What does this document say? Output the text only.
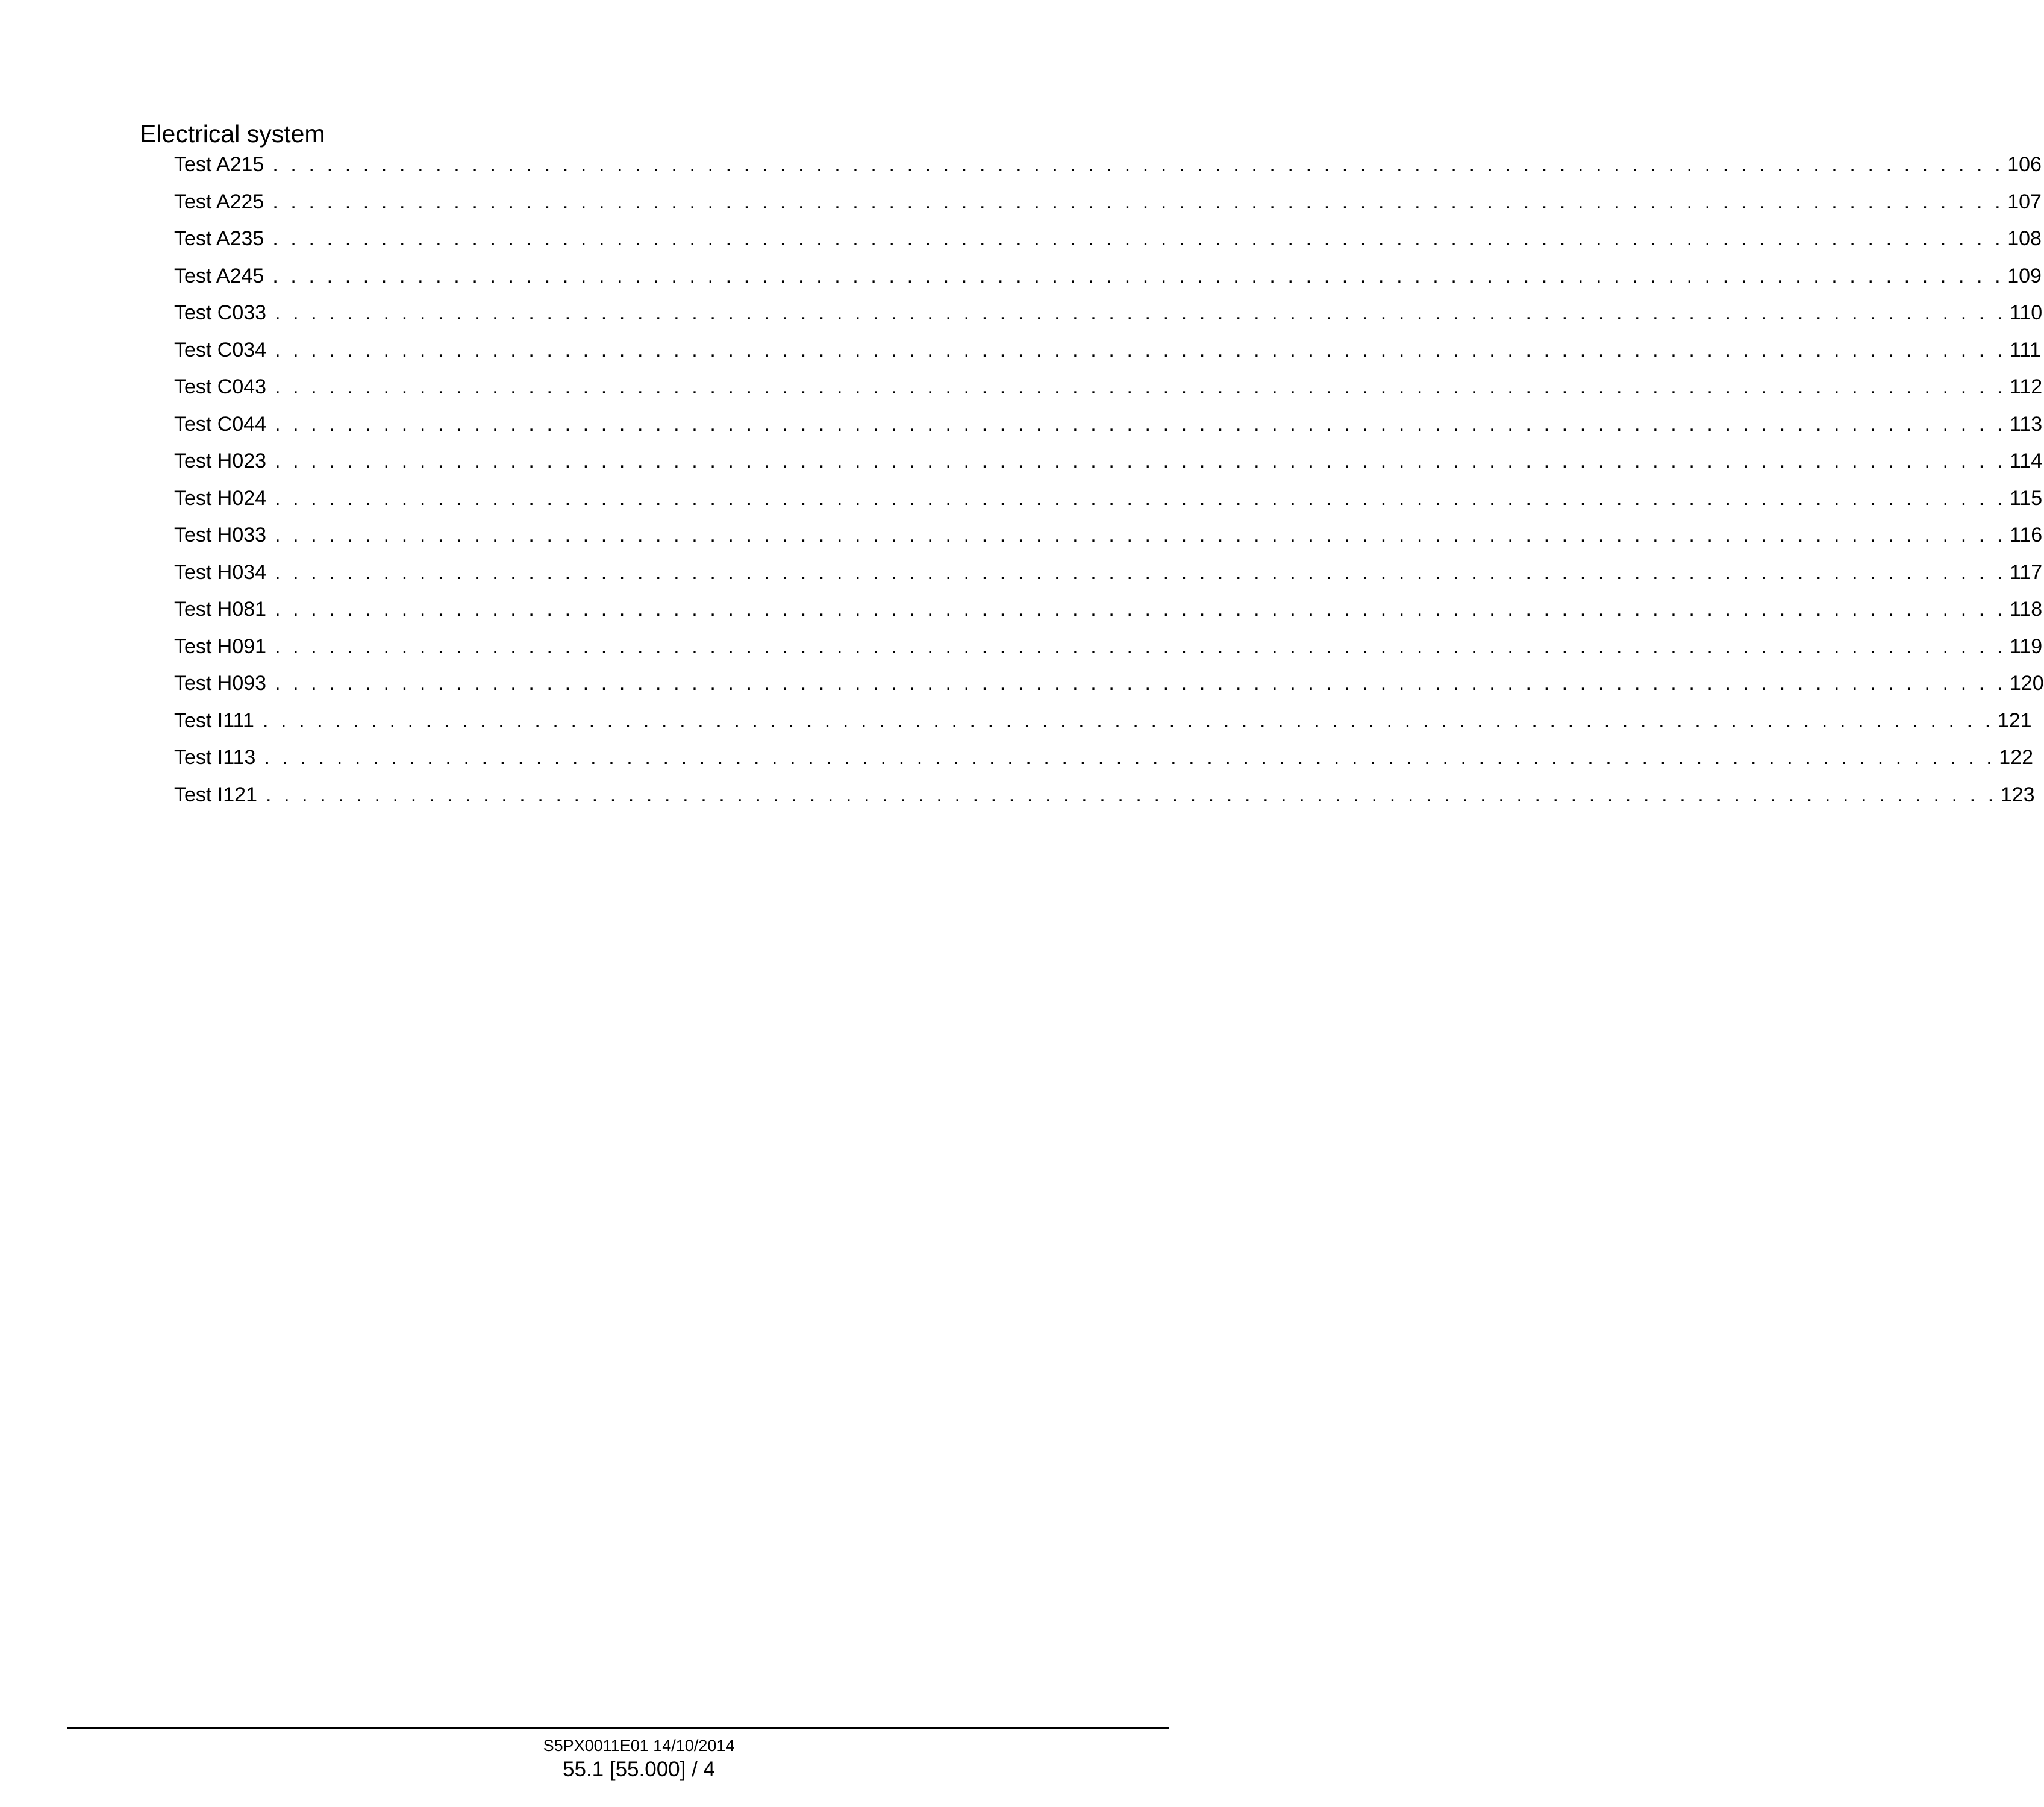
Electrical system
Test A215 . . . . . . . . . . . . . . . . . . . . . . . . . . . . . . . . . . . . . . . . . . . . . . . . . . . . . . . . . . . . . . . . . . . . . . . . . . . . . . . . . . . . . . . . . . . . . . . . 106
Test A225 . . . . . . . . . . . . . . . . . . . . . . . . . . . . . . . . . . . . . . . . . . . . . . . . . . . . . . . . . . . . . . . . . . . . . . . . . . . . . . . . . . . . . . . . . . . . . . . . 107
Test A235 . . . . . . . . . . . . . . . . . . . . . . . . . . . . . . . . . . . . . . . . . . . . . . . . . . . . . . . . . . . . . . . . . . . . . . . . . . . . . . . . . . . . . . . . . . . . . . . . 108
Test A245 . . . . . . . . . . . . . . . . . . . . . . . . . . . . . . . . . . . . . . . . . . . . . . . . . . . . . . . . . . . . . . . . . . . . . . . . . . . . . . . . . . . . . . . . . . . . . . . . 109
Test C033 . . . . . . . . . . . . . . . . . . . . . . . . . . . . . . . . . . . . . . . . . . . . . . . . . . . . . . . . . . . . . . . . . . . . . . . . . . . . . . . . . . . . . . . . . . . . . . . . 110
Test C034 . . . . . . . . . . . . . . . . . . . . . . . . . . . . . . . . . . . . . . . . . . . . . . . . . . . . . . . . . . . . . . . . . . . . . . . . . . . . . . . . . . . . . . . . . . . . . . . . 111
Test C043 . . . . . . . . . . . . . . . . . . . . . . . . . . . . . . . . . . . . . . . . . . . . . . . . . . . . . . . . . . . . . . . . . . . . . . . . . . . . . . . . . . . . . . . . . . . . . . . . 112
Test C044 . . . . . . . . . . . . . . . . . . . . . . . . . . . . . . . . . . . . . . . . . . . . . . . . . . . . . . . . . . . . . . . . . . . . . . . . . . . . . . . . . . . . . . . . . . . . . . . . 113
Test H023 . . . . . . . . . . . . . . . . . . . . . . . . . . . . . . . . . . . . . . . . . . . . . . . . . . . . . . . . . . . . . . . . . . . . . . . . . . . . . . . . . . . . . . . . . . . . . . . . 114
Test H024 . . . . . . . . . . . . . . . . . . . . . . . . . . . . . . . . . . . . . . . . . . . . . . . . . . . . . . . . . . . . . . . . . . . . . . . . . . . . . . . . . . . . . . . . . . . . . . . . 115
Test H033 . . . . . . . . . . . . . . . . . . . . . . . . . . . . . . . . . . . . . . . . . . . . . . . . . . . . . . . . . . . . . . . . . . . . . . . . . . . . . . . . . . . . . . . . . . . . . . . . 116
Test H034 . . . . . . . . . . . . . . . . . . . . . . . . . . . . . . . . . . . . . . . . . . . . . . . . . . . . . . . . . . . . . . . . . . . . . . . . . . . . . . . . . . . . . . . . . . . . . . . . 117
Test H081 . . . . . . . . . . . . . . . . . . . . . . . . . . . . . . . . . . . . . . . . . . . . . . . . . . . . . . . . . . . . . . . . . . . . . . . . . . . . . . . . . . . . . . . . . . . . . . . . 118
Test H091 . . . . . . . . . . . . . . . . . . . . . . . . . . . . . . . . . . . . . . . . . . . . . . . . . . . . . . . . . . . . . . . . . . . . . . . . . . . . . . . . . . . . . . . . . . . . . . . . 119
Test H093 . . . . . . . . . . . . . . . . . . . . . . . . . . . . . . . . . . . . . . . . . . . . . . . . . . . . . . . . . . . . . . . . . . . . . . . . . . . . . . . . . . . . . . . . . . . . . . . . 120
Test I111 . . . . . . . . . . . . . . . . . . . . . . . . . . . . . . . . . . . . . . . . . . . . . . . . . . . . . . . . . . . . . . . . . . . . . . . . . . . . . . . . . . . . . . . . . . . . . . . . 121
Test I113 . . . . . . . . . . . . . . . . . . . . . . . . . . . . . . . . . . . . . . . . . . . . . . . . . . . . . . . . . . . . . . . . . . . . . . . . . . . . . . . . . . . . . . . . . . . . . . . . 122
Test I121 . . . . . . . . . . . . . . . . . . . . . . . . . . . . . . . . . . . . . . . . . . . . . . . . . . . . . . . . . . . . . . . . . . . . . . . . . . . . . . . . . . . . . . . . . . . . . . . . 123
S5PX0011E01 14/10/2014
55.1 [55.000] / 4
